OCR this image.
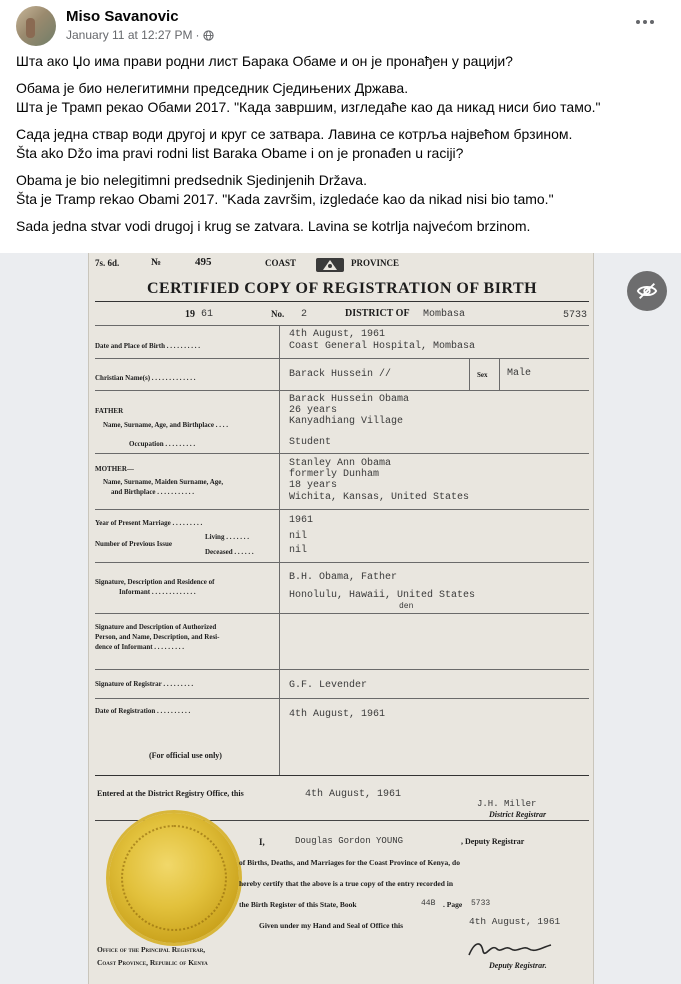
Miso Savanovic
January 11 at 12:27 PM ·

Шта ако Џо има прави родни лист Барака Обаме и он је пронађен у рацији?

Обама је био нелегитимни председник Сједињених Држава.
Шта је Трамп рекао Обами 2017. "Када завршим, изгледаће као да никад ниси био тамо."

Сада једна ствар води другој и круг се затвара. Лавина се котрља највећом брзином.
Šta ako Džo ima pravi rodni list Baraka Obame i on je pronađen u raciji?

Obama je bio nelegitimni predsednik Sjedinjenih Država.
Šta je Tramp rekao Obami 2017. "Kada završim, izgledaće kao da nikad nisi bio tamo."

Sada jedna stvar vodi drugoj i krug se zatvara. Lavina se kotrlja najvećom brzinom.

7s. 6d.	№	495	COAST	PROVINCE
CERTIFIED COPY OF REGISTRATION OF BIRTH
19 61	No. 2	DISTRICT OF Mombasa	5733
Date and Place of Birth . . . . . . . . . .
4th August, 1961
Coast General Hospital, Mombasa
Christian Name(s) . . . . . . . . . . . . .	Barack Hussein //	Sex Male
FATHER
Name, Surname, Age, and Birthplace . . . .
Barack Hussein Obama
26 years
Kanyadhiang Village
Occupation . . . . . . . . .	Student
MOTHER—
Name, Surname, Maiden Surname, Age,
and Birthplace . . . . . . . . . . .
Stanley Ann Obama
formerly Dunham
18 years
Wichita, Kansas, United States
Year of Present Marriage . . . . . . . . .	1961
Number of Previous Issue
Living . . . . . . .	nil
Deceased . . . . . .	nil
Signature, Description and Residence of
Informant . . . . . . . . . . . . .
B.H. Obama, Father
Honolulu, Hawaii, United States
den
Signature and Description of Authorized
Person, and Name, Description, and Resi-
dence of Informant . . . . . . . . .
Signature of Registrar . . . . . . . . .	G.F. Levender
Date of Registration . . . . . . . . . .	4th August, 1961
(For official use only)
Entered at the District Registry Office, this	4th August, 1961
J.H. Miller
District Registrar
I,	Douglas Gordon YOUNG	, Deputy Registrar
of Births, Deaths, and Marriages for the Coast Province of Kenya, do
hereby certify that the above is a true copy of the entry recorded in
the Birth Register of this State, Book	44B . Page 5733
Given under my Hand and Seal of Office this	4th August, 1961
Office of the Principal Registrar,
Coast Province, Republic of Kenya	Deputy Registrar.
